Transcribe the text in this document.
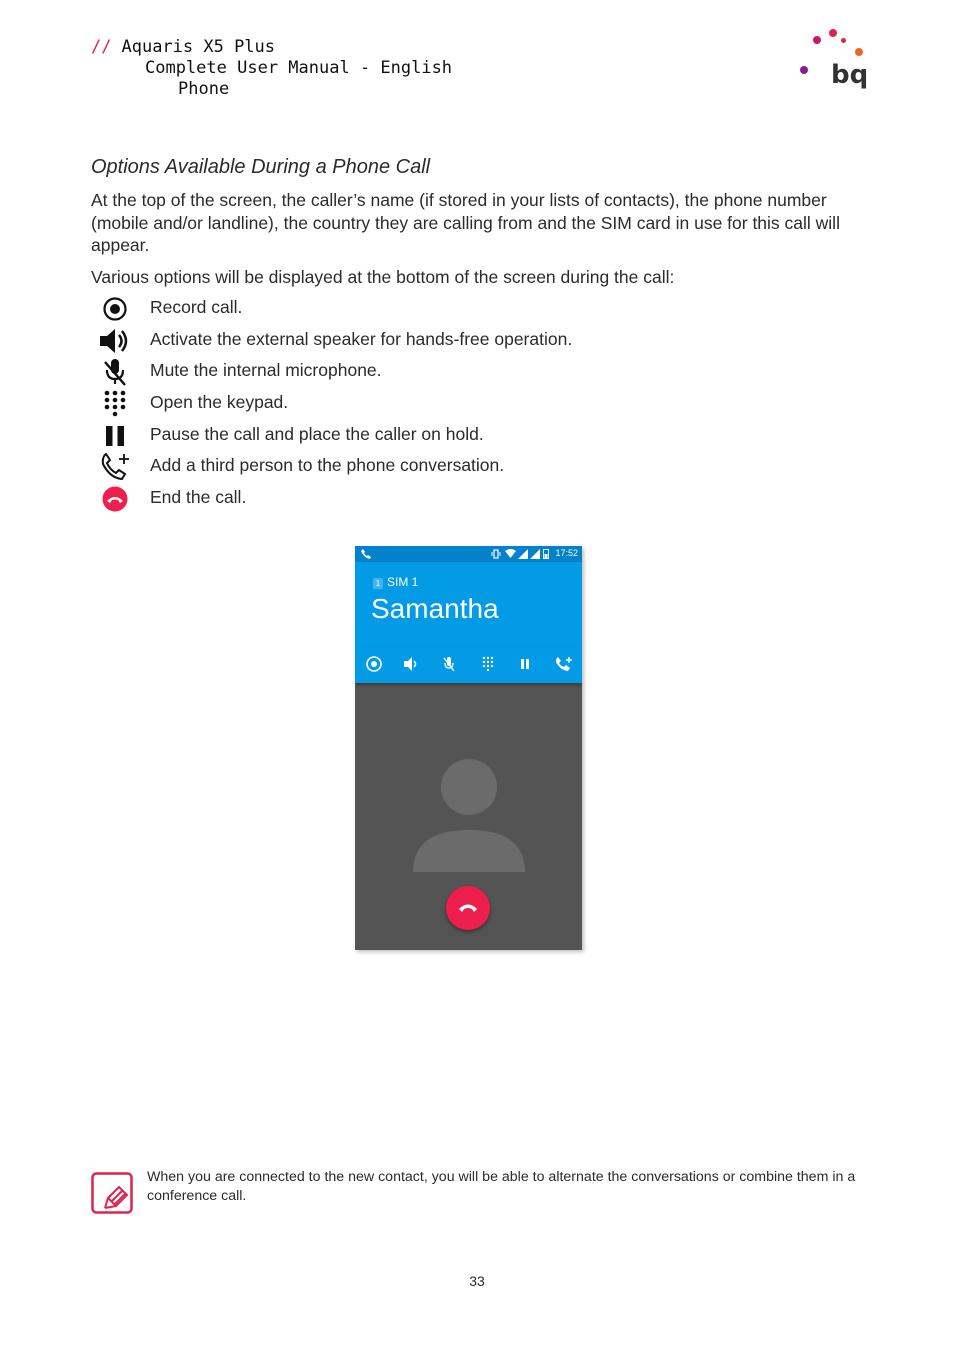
// Aquaris X5 Plus
Complete User Manual - English
Phone	bq
Options Available During a Phone Call
At the top of the screen, the caller’s name (if stored in your lists of contacts), the phone number (mobile and/or landline), the country they are calling from and the SIM card in use for this call will appear.
Various options will be displayed at the bottom of the screen during the call:
Record call.
Activate the external speaker for hands-free operation.
Mute the internal microphone.
Open the keypad.
Pause the call and place the caller on hold.
Add a third person to the phone conversation.
End the call.
17:52
1 SIM 1
Samantha
When you are connected to the new contact, you will be able to alternate the conversations or combine them in a conference call.
33
